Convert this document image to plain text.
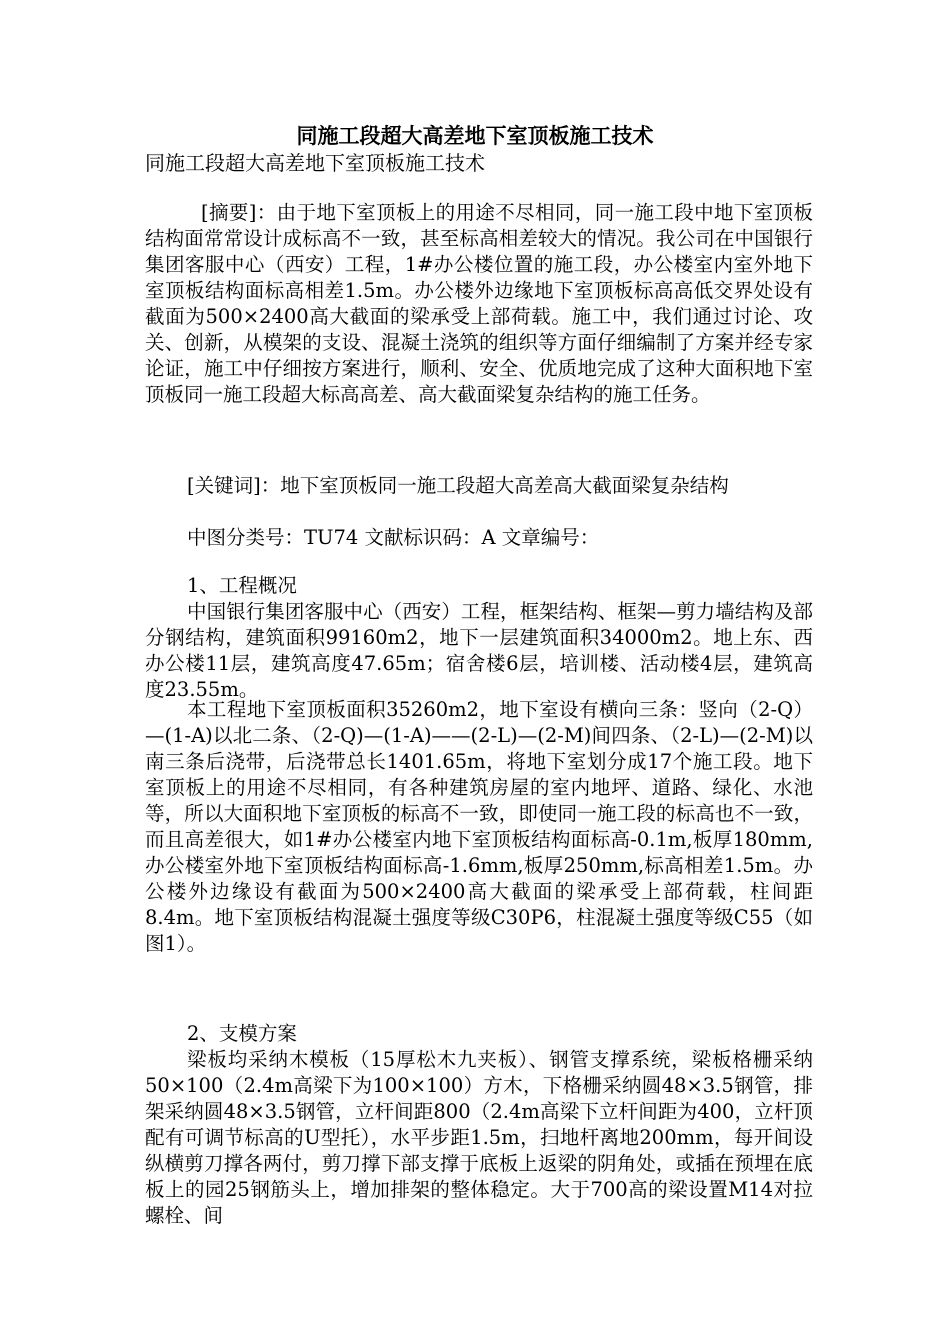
同施工段超大高差地下室顶板施工技术
同施工段超大高差地下室顶板施工技术

[摘要]：由于地下室顶板上的用途不尽相同，同一施工段中地下室顶板结构面常常设计成标高不一致，甚至标高相差较大的情况。我公司在中国银行集团客服中心（西安）工程，1#办公楼位置的施工段，办公楼室内室外地下室顶板结构面标高相差1.5m。办公楼外边缘地下室顶板标高高低交界处设有截面为500×2400高大截面的梁承受上部荷载。施工中，我们通过讨论、攻关、创新，从模架的支设、混凝土浇筑的组织等方面仔细编制了方案并经专家论证，施工中仔细按方案进行，顺利、安全、优质地完成了这种大面积地下室顶板同一施工段超大标高高差、高大截面梁复杂结构的施工任务。

[关键词]：地下室顶板同一施工段超大高差高大截面梁复杂结构

中图分类号：TU74 文献标识码：A 文章编号：

1、工程概况

中国银行集团客服中心（西安）工程，框架结构、框架—剪力墙结构及部分钢结构，建筑面积99160m2，地下一层建筑面积34000m2。地上东、西办公楼11层，建筑高度47.65m；宿舍楼6层，培训楼、活动楼4层，建筑高度23.55m。

本工程地下室顶板面积35260m2，地下室设有横向三条：竖向（2-Q）—(1-A)以北二条、（2-Q)—(1-A)——(2-L)—(2-M)间四条、（2-L)—(2-M)以南三条后浇带，后浇带总长1401.65m，将地下室划分成17个施工段。地下室顶板上的用途不尽相同，有各种建筑房屋的室内地坪、道路、绿化、水池等，所以大面积地下室顶板的标高不一致，即使同一施工段的标高也不一致，而且高差很大，如1#办公楼室内地下室顶板结构面标高-0.1m,板厚180mm,办公楼室外地下室顶板结构面标高-1.6mm,板厚250mm,标高相差1.5m。办公楼外边缘设有截面为500×2400高大截面的梁承受上部荷载，柱间距8.4m。地下室顶板结构混凝土强度等级C30P6，柱混凝土强度等级C55（如图1）。

2、支模方案

梁板均采纳木模板（15厚松木九夹板）、钢管支撑系统，梁板格栅采纳50×100（2.4m高梁下为100×100）方木，下格栅采纳圆48×3.5钢管，排架采纳圆48×3.5钢管，立杆间距800（2.4m高梁下立杆间距为400，立杆顶配有可调节标高的U型托），水平步距1.5m，扫地杆离地200mm，每开间设纵横剪刀撑各两付，剪刀撑下部支撑于底板上返梁的阴角处，或插在预埋在底板上的园25钢筋头上，增加排架的整体稳定。大于700高的梁设置M14对拉螺栓、间
